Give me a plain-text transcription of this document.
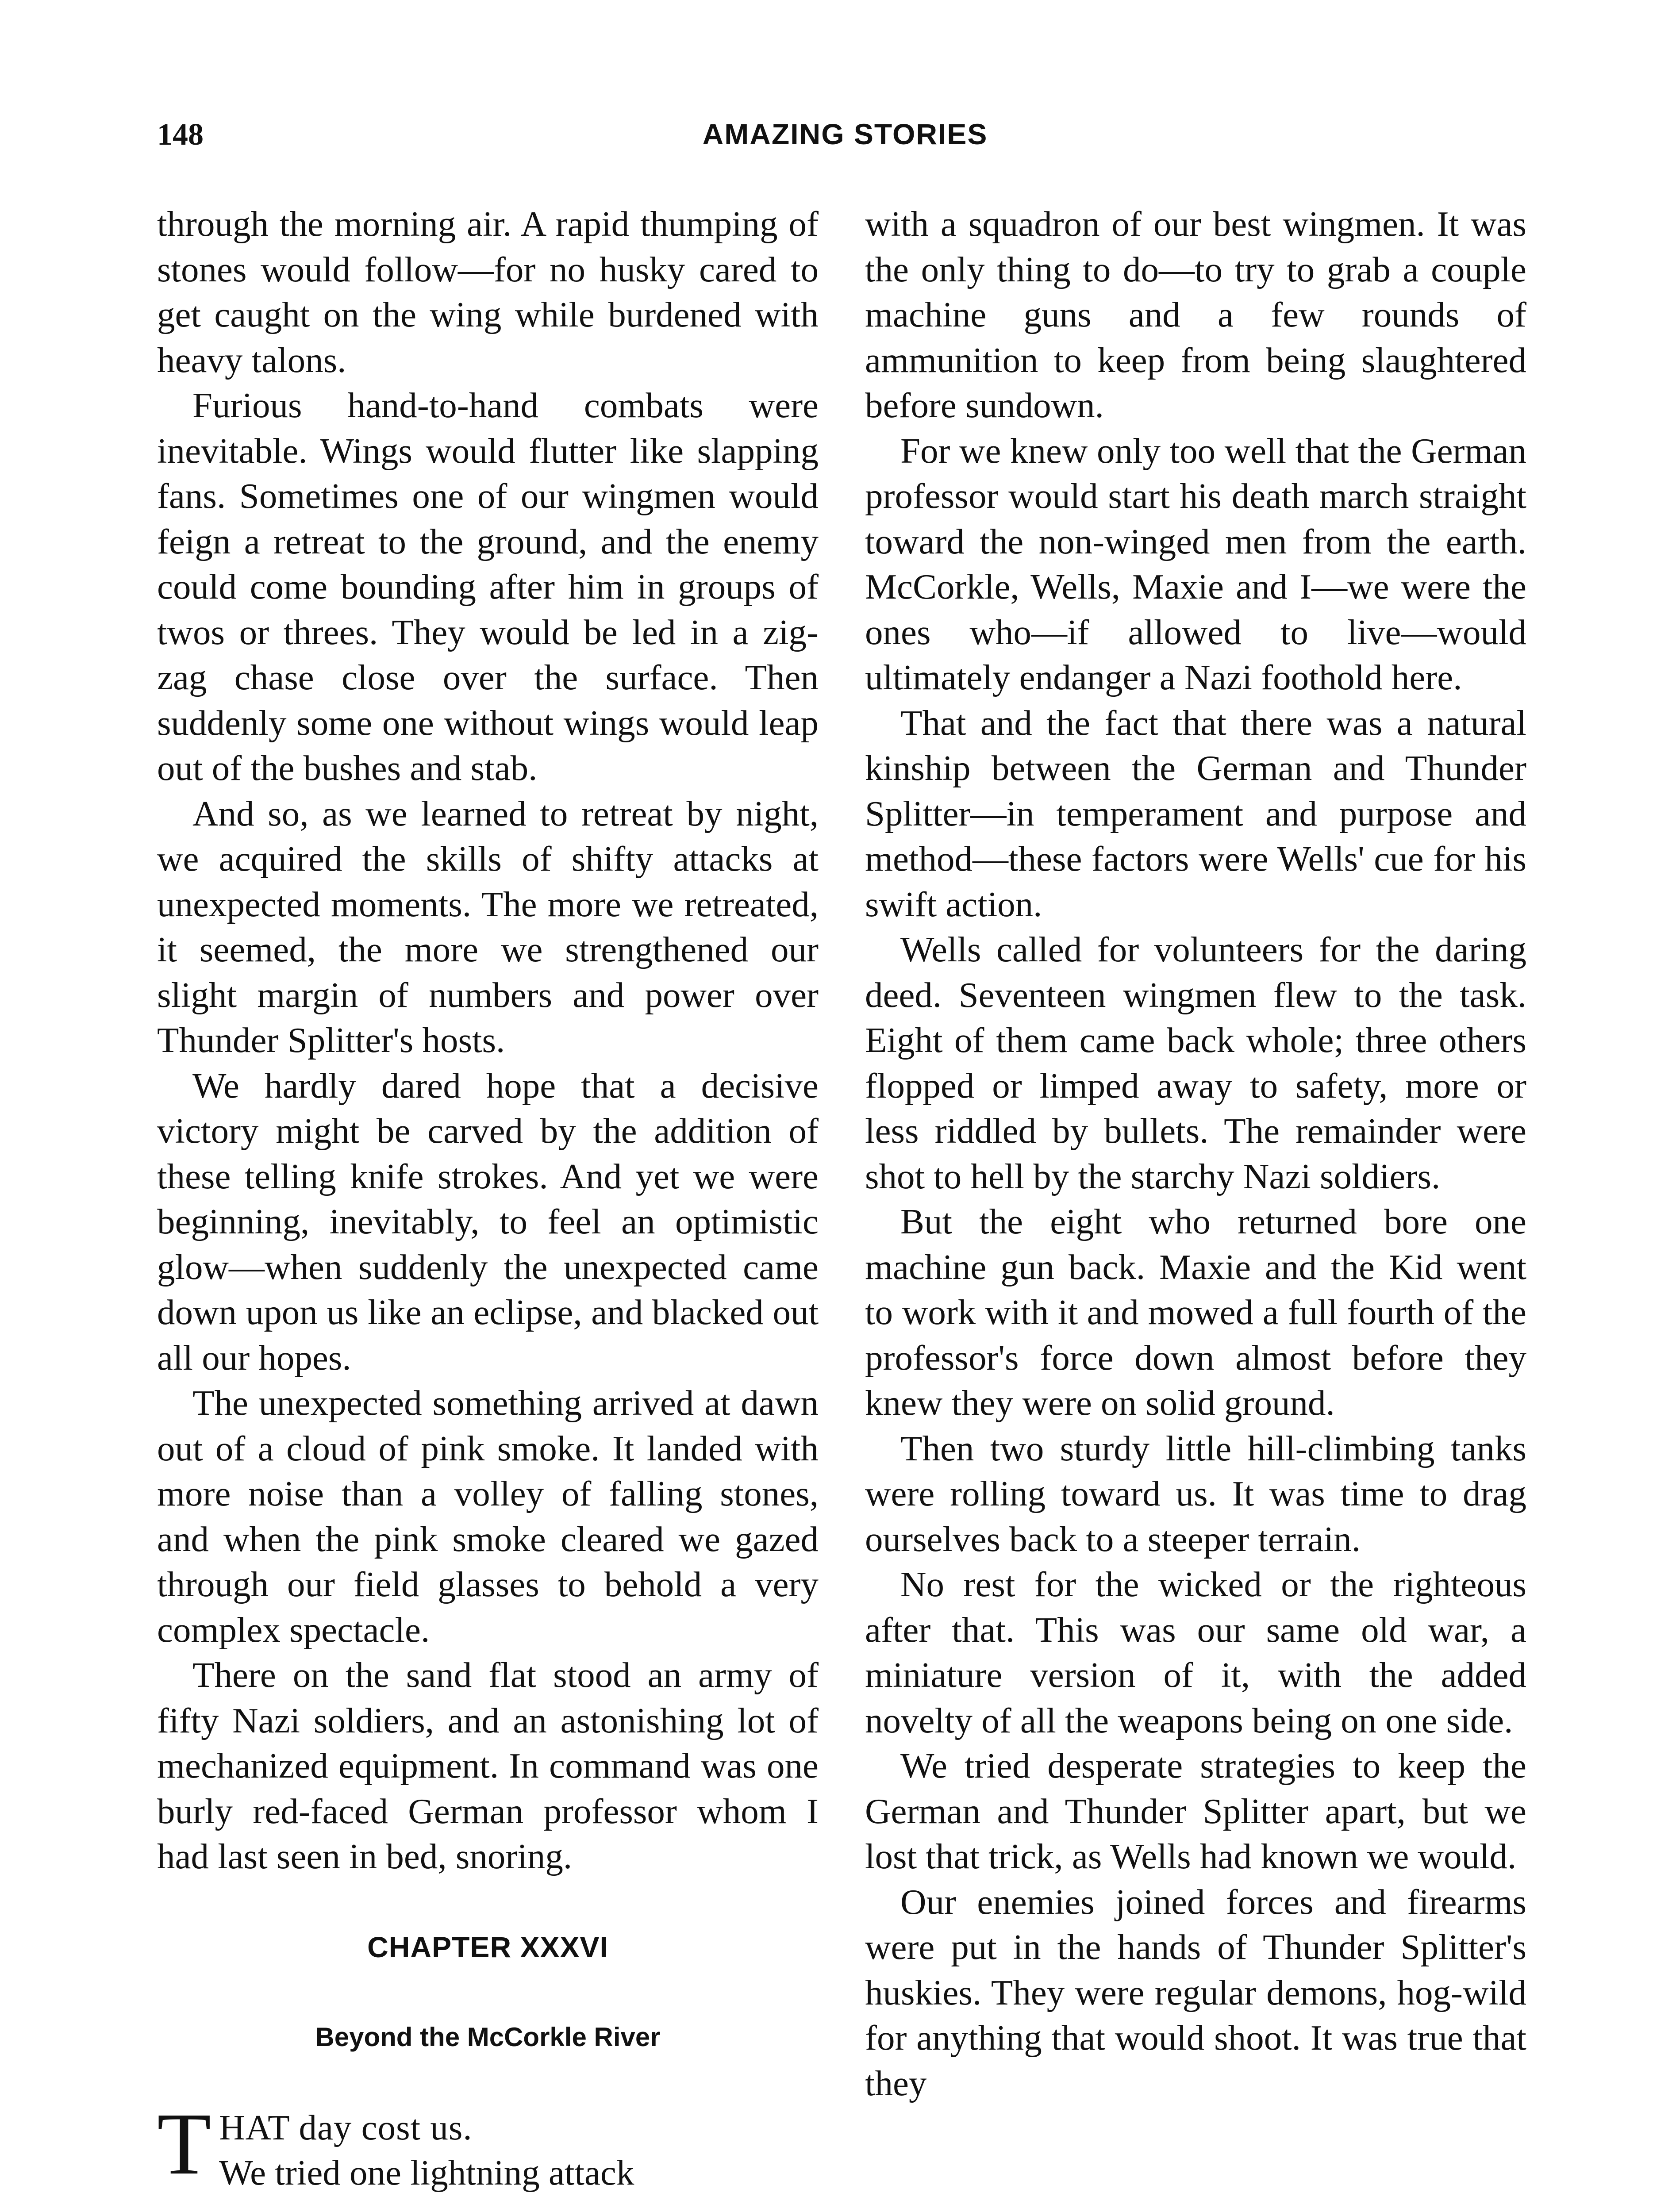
148	AMAZING STORIES

through the morning air. A rapid thumping of stones would follow—for no husky cared to get caught on the wing while burdened with heavy talons.

Furious hand-to-hand combats were inevitable. Wings would flutter like slapping fans. Sometimes one of our wingmen would feign a retreat to the ground, and the enemy could come bounding after him in groups of twos or threes. They would be led in a zig-zag chase close over the surface. Then suddenly some one without wings would leap out of the bushes and stab.

And so, as we learned to retreat by night, we acquired the skills of shifty attacks at unexpected moments. The more we retreated, it seemed, the more we strengthened our slight margin of numbers and power over Thunder Splitter's hosts.

We hardly dared hope that a decisive victory might be carved by the addition of these telling knife strokes. And yet we were beginning, inevitably, to feel an optimistic glow—when suddenly the unexpected came down upon us like an eclipse, and blacked out all our hopes.

The unexpected something arrived at dawn out of a cloud of pink smoke. It landed with more noise than a volley of falling stones, and when the pink smoke cleared we gazed through our field glasses to behold a very complex spectacle.

There on the sand flat stood an army of fifty Nazi soldiers, and an astonishing lot of mechanized equipment. In command was one burly red-faced German professor whom I had last seen in bed, snoring.

CHAPTER XXXVI
Beyond the McCorkle River

THAT day cost us.
We tried one lightning attack

with a squadron of our best wingmen. It was the only thing to do—to try to grab a couple machine guns and a few rounds of ammunition to keep from being slaughtered before sundown.

For we knew only too well that the German professor would start his death march straight toward the non-winged men from the earth. McCorkle, Wells, Maxie and I—we were the ones who—if allowed to live—would ultimately endanger a Nazi foothold here.

That and the fact that there was a natural kinship between the German and Thunder Splitter—in temperament and purpose and method—these factors were Wells' cue for his swift action.

Wells called for volunteers for the daring deed. Seventeen wingmen flew to the task. Eight of them came back whole; three others flopped or limped away to safety, more or less riddled by bullets. The remainder were shot to hell by the starchy Nazi soldiers.

But the eight who returned bore one machine gun back. Maxie and the Kid went to work with it and mowed a full fourth of the professor's force down almost before they knew they were on solid ground.

Then two sturdy little hill-climbing tanks were rolling toward us. It was time to drag ourselves back to a steeper terrain.

No rest for the wicked or the righteous after that. This was our same old war, a miniature version of it, with the added novelty of all the weapons being on one side.

We tried desperate strategies to keep the German and Thunder Splitter apart, but we lost that trick, as Wells had known we would.

Our enemies joined forces and firearms were put in the hands of Thunder Splitter's huskies. They were regular demons, hog-wild for anything that would shoot. It was true that they
